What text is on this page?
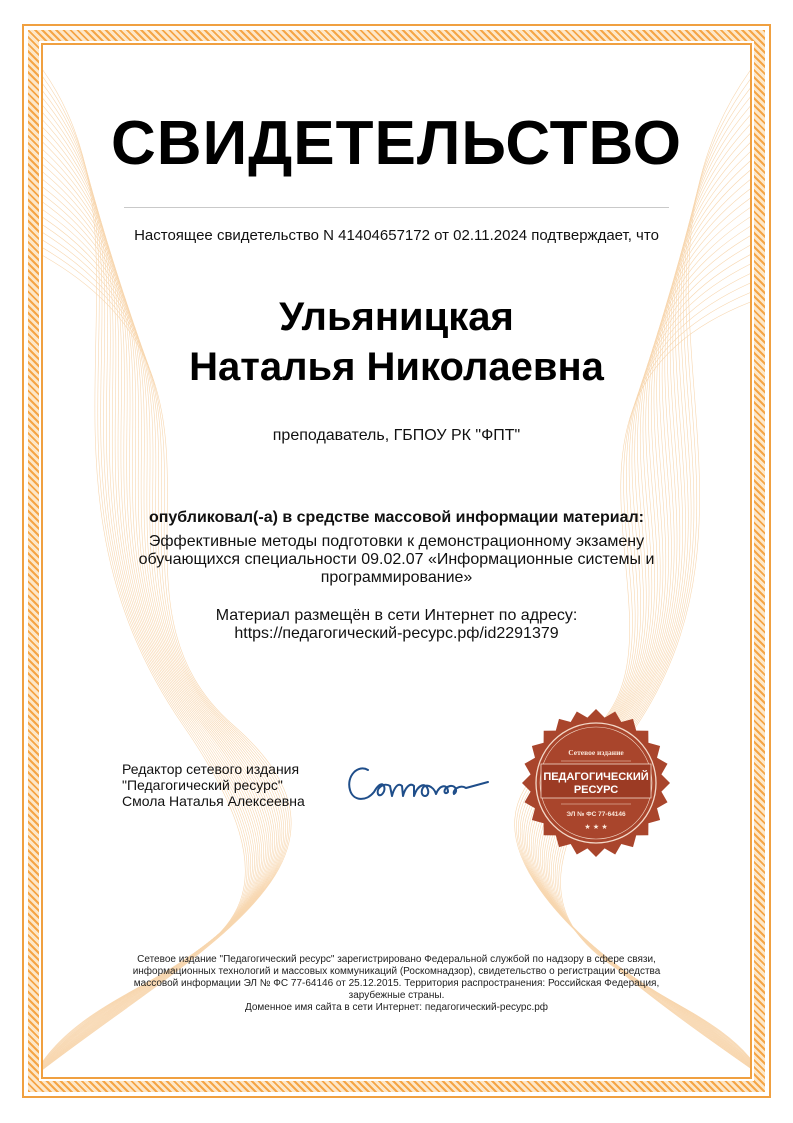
СВИДЕТЕЛЬСТВО
Настоящее свидетельство N 41404657172 от 02.11.2024 подтверждает, что
Ульяницкая
Наталья Николаевна
преподаватель, ГБПОУ РК "ФПТ"
опубликовал(-а) в средстве массовой информации материал:
Эффективные методы подготовки к демонстрационному экзамену обучающихся специальности 09.02.07 «Информационные системы и программирование»
Материал размещён в сети Интернет по адресу:
https://педагогический-ресурс.рф/id2291379
Редактор сетевого издания
"Педагогический ресурс"
Смола Наталья Алексеевна
Сетевое издание
ПЕДАГОГИЧЕСКИЙ
РЕСУРС
ЭЛ № ФС 77-64146
★ ★ ★
Сетевое издание "Педагогический ресурс" зарегистрировано Федеральной службой по надзору в сфере связи, информационных технологий и массовых коммуникаций (Роскомнадзор), свидетельство о регистрации средства массовой информации ЭЛ № ФС 77-64146 от 25.12.2015. Территория распространения: Российская Федерация, зарубежные страны.
Доменное имя сайта в сети Интернет: педагогический-ресурс.рф
